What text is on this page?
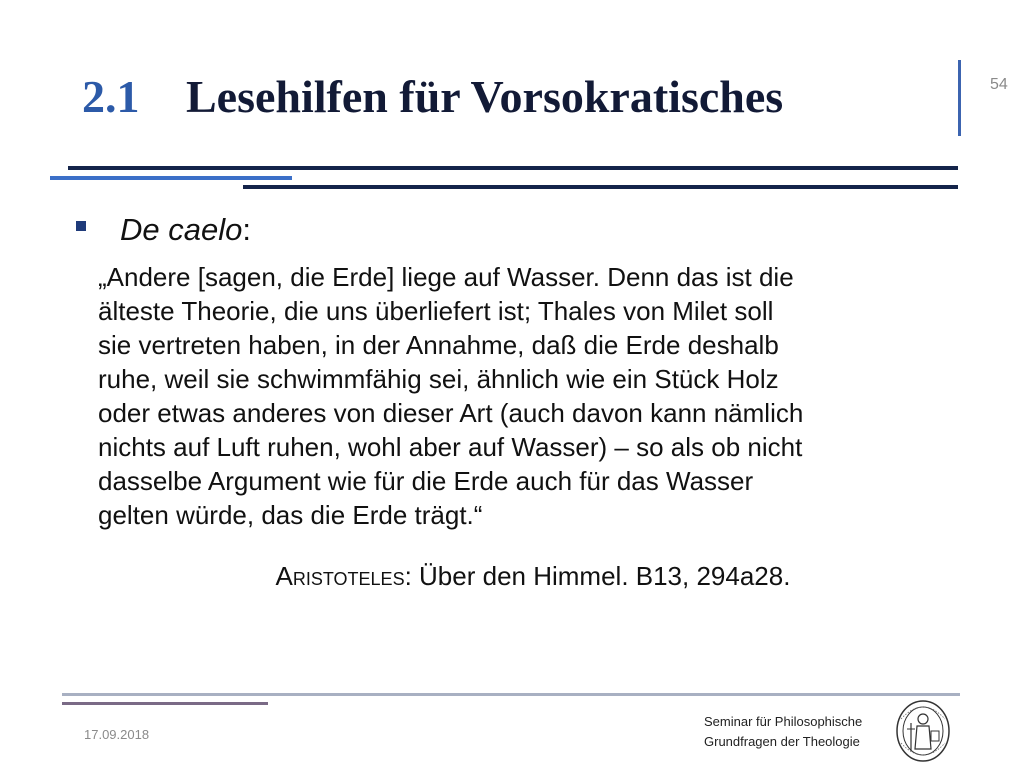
2.1 Lesehilfen für Vorsokratisches	54
De caelo:
„Andere [sagen, die Erde] liege auf Wasser. Denn das ist die
älteste Theorie, die uns überliefert ist; Thales von Milet soll
sie vertreten haben, in der Annahme, daß die Erde deshalb
ruhe, weil sie schwimmfähig sei, ähnlich wie ein Stück Holz
oder etwas anderes von dieser Art (auch davon kann nämlich
nichts auf Luft ruhen, wohl aber auf Wasser) – so als ob nicht
dasselbe Argument wie für die Erde auch für das Wasser
gelten würde, das die Erde trägt.“
Aristoteles: Über den Himmel. B13, 294a28.
17.09.2018
Seminar für Philosophische
Grundfragen der Theologie
